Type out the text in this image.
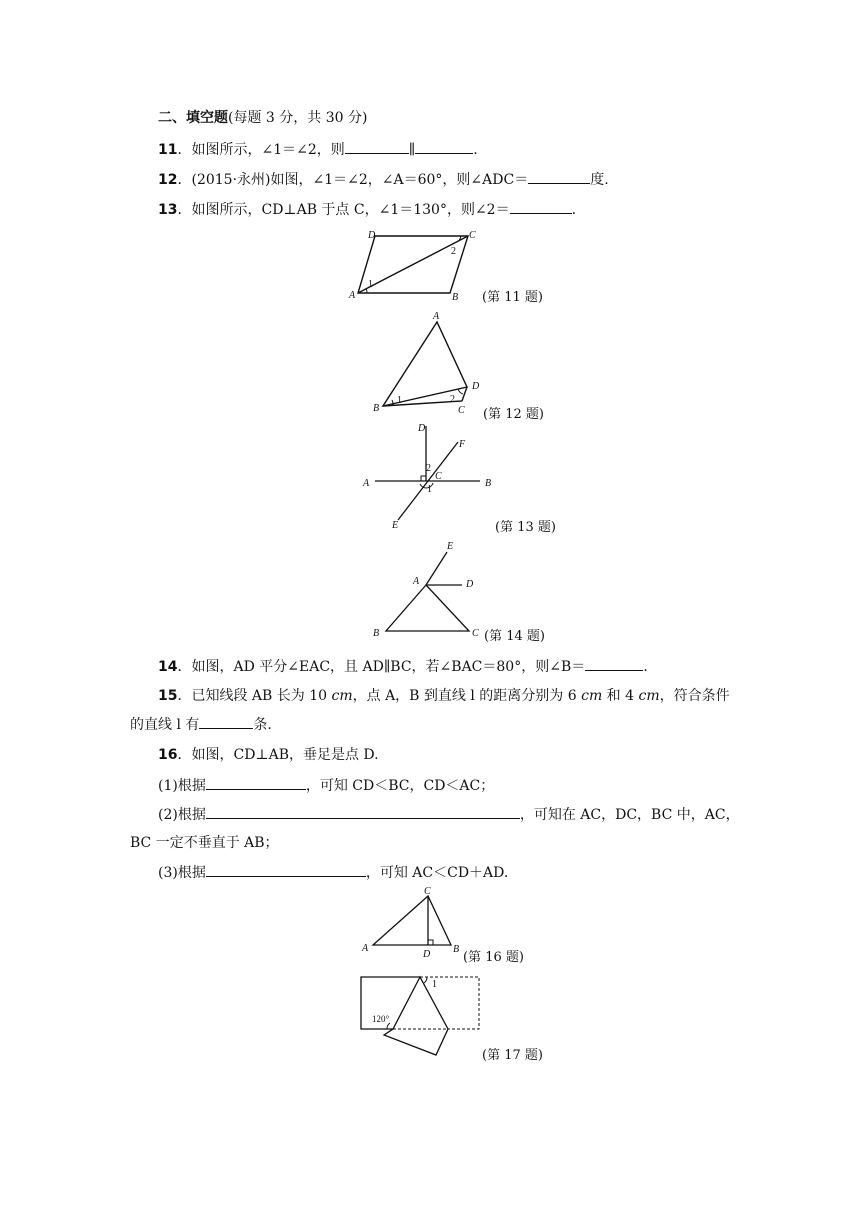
二、填空题(每题 3 分，共 30 分)
11．如图所示，∠1＝∠2，则	∥	.
12．(2015·永州)如图，∠1＝∠2，∠A＝60°，则∠ADC＝	度.
13．如图所示，CD⊥AB 于点 C，∠1＝130°，则∠2＝	.
A	B
C
D
1
2
(第 11 题)
A
B	C
D
1	2
(第 12 题)
A	B
C
D
E
F
1
2
(第 13 题)
A
B	C
D
E
(第 14 题)
14．如图，AD 平分∠EAC，且 AD∥BC，若∠BAC＝80°，则∠B＝	.
15．已知线段 AB 长为 10 cm，点 A，B 到直线 l 的距离分别为 6 cm 和 4 cm，符合条件
的直线 l 有	条.
16．如图，CD⊥AB，垂足是点 D.
(1)根据	，可知 CD＜BC，CD＜AC；
(2)根据	，可知在 AC，DC，BC 中，AC，
BC 一定不垂直于 AB；
(3)根据	，可知 AC＜CD＋AD.
C
A	B
D	(第 16 题)
120°
1
(第 17 题)
